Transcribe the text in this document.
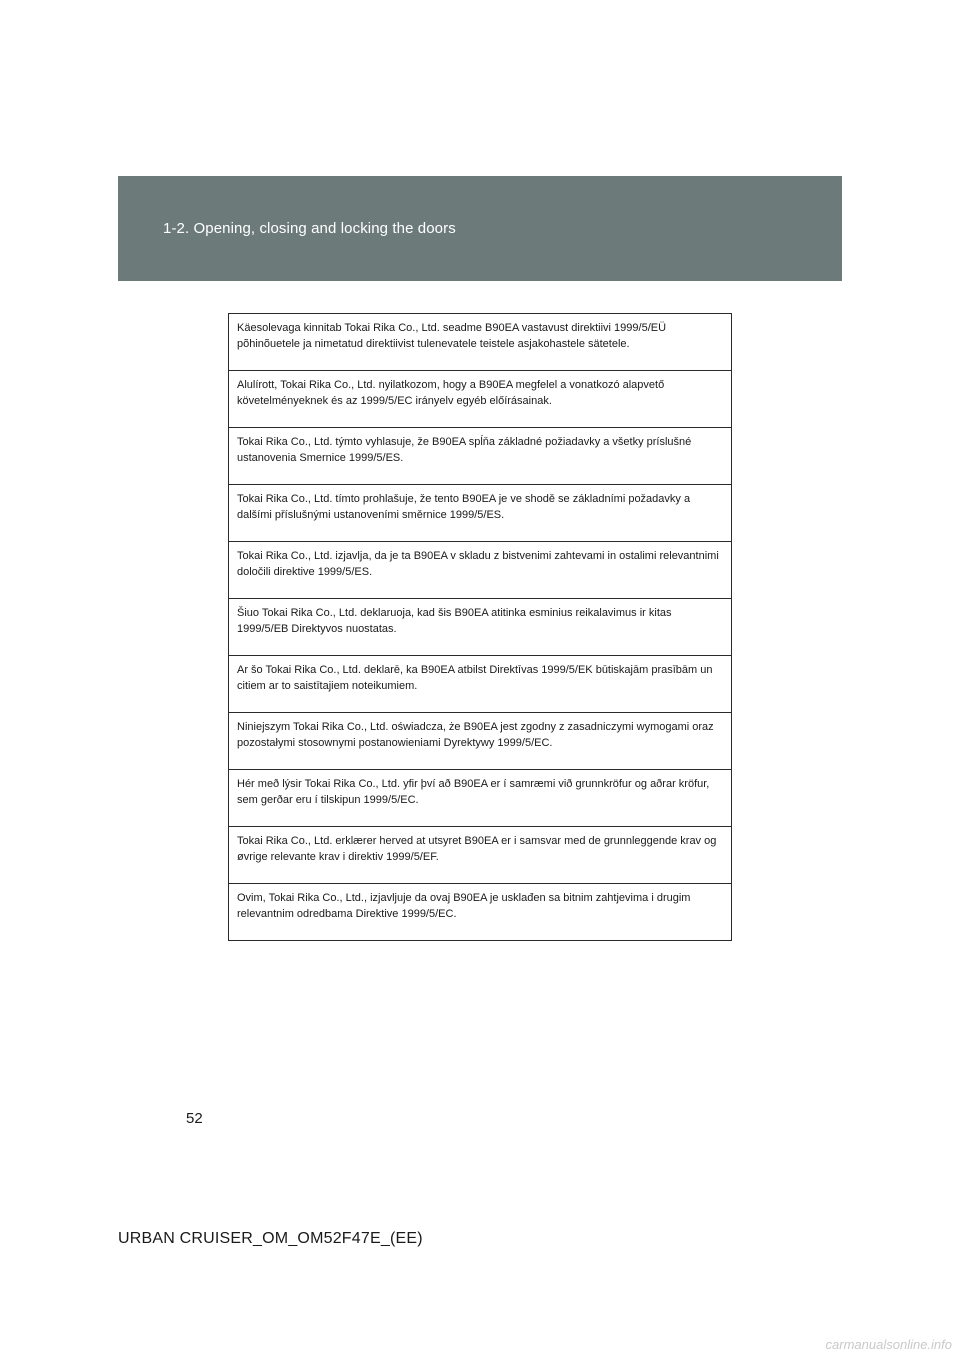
1-2. Opening, closing and locking the doors
Käesolevaga kinnitab Tokai Rika Co., Ltd. seadme B90EA vastavust direktiivi 1999/5/EÜ põhinõuetele ja nimetatud direktiivist tulenevatele teistele asjakohastele sätetele.
Alulírott, Tokai Rika Co., Ltd. nyilatkozom, hogy a B90EA megfelel a vonatkozó alapvető követelményeknek és az 1999/5/EC irányelv egyéb előírásainak.
Tokai Rika Co., Ltd. týmto vyhlasuje, že B90EA spĺňa základné požiadavky a všetky príslušné ustanovenia Smernice 1999/5/ES.
Tokai Rika Co., Ltd. tímto prohlašuje, že tento B90EA je ve shodě se základními požadavky a dalšími příslušnými ustanoveními směrnice 1999/5/ES.
Tokai Rika Co., Ltd. izjavlja, da je ta B90EA v skladu z bistvenimi zahtevami in ostalimi relevantnimi določili direktive 1999/5/ES.
Šiuo Tokai Rika Co., Ltd. deklaruoja, kad šis B90EA atitinka esminius reikalavimus ir kitas 1999/5/EB Direktyvos nuostatas.
Ar šo Tokai Rika Co., Ltd. deklarē, ka B90EA atbilst Direktīvas 1999/5/EK būtiskajām prasībām un citiem ar to saistītajiem noteikumiem.
Niniejszym Tokai Rika Co., Ltd. oświadcza, że B90EA jest zgodny z zasadniczymi wymogami oraz pozostałymi stosownymi postanowieniami Dyrektywy 1999/5/EC.
Hér með lýsir Tokai Rika Co., Ltd. yfir því að B90EA er í samræmi við grunnkröfur og aðrar kröfur, sem gerðar eru í tilskipun 1999/5/EC.
Tokai Rika Co., Ltd. erklærer herved at utsyret B90EA er i samsvar med de grunnleggende krav og øvrige relevante krav i direktiv 1999/5/EF.
Ovim, Tokai Rika Co., Ltd., izjavljuje da ovaj B90EA je usklađen sa bitnim zahtjevima i drugim relevantnim odredbama Direktive 1999/5/EC.
52
URBAN CRUISER_OM_OM52F47E_(EE)
carmanualsonline.info
